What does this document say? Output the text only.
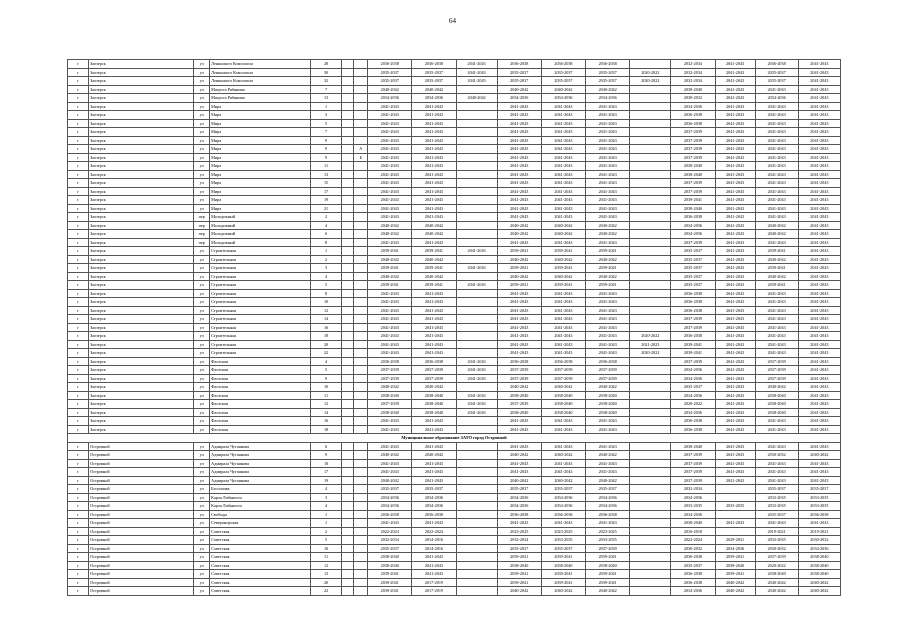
64
г	Заозерск	ул	Ленинского Комсомола	28			2036-2038	2036-2038	2041-2043	2036-2038	2036-2038	2036-2038		2032-2034	2041-2043	2036-2038	2041-2043
г	Заозерск	ул	Ленинского Комсомола	30			2035-2037	2035-2037	2041-2043	2035-2037	2035-2037	2035-2037	2020-2022	2032-2034	2041-2043	2035-2037	2041-2043
г	Заозерск	ул	Ленинского Комсомола	32			2035-2037	2035-2037	2041-2043	2035-2037	2035-2037	2035-2037	2020-2022	2032-2034	2041-2043	2035-2037	2041-2043
г	Заозерск	ул	Матроса Рябинина	7			2040-2042	2040-2042		2040-2042	2040-2042	2040-2042		2038-2040	2041-2043	2041-2043	2041-2043
г	Заозерск	ул	Матроса Рябинина	13			2034-2036	2034-2036	2040-2042	2034-2036	2034-2036	2034-2036		2030-2032	2041-2043	2034-2036	2041-2043
г	Заозерск	ул	Мира	1			2041-2043	2041-2043		2041-2043	2041-2043	2041-2043		2034-2036	2041-2043	2041-2043	2041-2043
г	Заозерск	ул	Мира	3			2041-2043	2041-2043		2041-2043	2041-2043	2041-2043		2036-2038	2041-2043	2041-2043	2041-2043
г	Заозерск	ул	Мира	5			2041-2043	2041-2043		2041-2043	2041-2043	2041-2043		2036-2038	2041-2043	2041-2043	2041-2043
г	Заозерск	ул	Мира	7			2041-2043	2041-2043		2041-2043	2041-2043	2041-2043		2037-2039	2041-2043	2041-2043	2041-2043
г	Заозерск	ул	Мира	9			2041-2043	2041-2043		2041-2043	2041-2043	2041-2043		2037-2039	2041-2043	2041-2043	2041-2043
г	Заозерск	ул	Мира	9		А	2041-2043	2041-2043		2041-2043	2041-2043	2041-2043		2037-2039	2041-2043	2041-2043	2041-2043
г	Заозерск	ул	Мира	9		Б	2041-2043	2041-2043		2041-2043	2041-2043	2041-2043		2037-2039	2041-2043	2041-2043	2041-2043
г	Заозерск	ул	Мира	11			2041-2043	2041-2043		2041-2043	2041-2043	2041-2043		2038-2040	2041-2043	2041-2043	2041-2043
г	Заозерск	ул	Мира	13			2041-2043	2041-2043		2041-2043	2041-2043	2041-2043		2038-2040	2041-2043	2041-2043	2041-2043
г	Заозерск	ул	Мира	15			2041-2043	2041-2043		2041-2043	2041-2043	2041-2043		2037-2039	2041-2043	2041-2043	2041-2043
г	Заозерск	ул	Мира	17			2041-2043	2041-2043		2041-2043	2041-2043	2041-2043		2037-2039	2041-2043	2041-2043	2041-2043
г	Заозерск	ул	Мира	19			2041-2043	2041-2043		2041-2043	2041-2043	2041-2043		2039-2041	2041-2043	2041-2043	2041-2043
г	Заозерск	ул	Мира	21			2041-2043	2041-2043		2041-2043	2041-2043	2041-2043		2038-2040	2041-2043	2041-2043	2041-2043
г	Заозерск	пер	Молодежный	2			2041-2043	2041-2043		2041-2043	2041-2043	2041-2043		2036-2038	2041-2043	2041-2043	2041-2043
г	Заозерск	пер	Молодежный	4			2040-2042	2040-2042		2040-2042	2040-2042	2040-2042		2034-2036	2041-2043	2040-2042	2041-2043
г	Заозерск	пер	Молодежный	6			2040-2042	2040-2042		2040-2042	2040-2042	2040-2042		2034-2036	2041-2043	2040-2042	2041-2043
г	Заозерск	пер	Молодежный	8			2041-2043	2041-2043		2041-2043	2041-2043	2041-2043		2037-2039	2041-2043	2041-2043	2041-2043
г	Заозерск	ул	Строительная	1			2039-2041	2039-2041	2041-2043	2039-2041	2039-2041	2039-2041		2035-2037	2041-2043	2039-2041	2041-2043
г	Заозерск	ул	Строительная	2			2040-2042	2040-2042		2040-2042	2040-2042	2040-2042		2035-2037	2041-2043	2040-2042	2041-2043
г	Заозерск	ул	Строительная	3			2039-2041	2039-2041	2041-2043	2039-2041	2039-2041	2039-2041		2035-2037	2041-2043	2039-2041	2041-2043
г	Заозерск	ул	Строительная	4			2040-2042	2040-2042		2040-2042	2040-2042	2040-2042		2035-2037	2041-2043	2040-2042	2041-2043
г	Заозерск	ул	Строительная	5			2039-2041	2039-2041	2041-2043	2039-2041	2039-2041	2039-2041		2035-2037	2041-2043	2039-2041	2041-2043
г	Заозерск	ул	Строительная	8			2041-2043	2041-2043		2041-2043	2041-2043	2041-2043		2036-2038	2041-2043	2041-2043	2041-2043
г	Заозерск	ул	Строительная	10			2041-2043	2041-2043		2041-2043	2041-2043	2041-2043		2036-2038	2041-2043	2041-2043	2041-2043
г	Заозерск	ул	Строительная	12			2041-2043	2041-2043		2041-2043	2041-2043	2041-2043		2036-2038	2041-2043	2041-2043	2041-2043
г	Заозерск	ул	Строительная	14			2041-2043	2041-2043		2041-2043	2041-2043	2041-2043		2037-2039	2041-2043	2041-2043	2041-2043
г	Заозерск	ул	Строительная	16			2041-2043	2041-2043		2041-2043	2041-2043	2041-2043		2037-2039	2041-2043	2041-2043	2041-2043
г	Заозерск	ул	Строительная	18			2041-2043	2041-2043		2041-2043	2041-2043	2041-2043	2020-2022	2036-2038	2041-2043	2041-2043	2041-2043
г	Заозерск	ул	Строительная	20			2041-2043	2041-2043		2041-2043	2041-2043	2041-2043	2021-2023	2039-2041	2041-2043	2041-2043	2041-2043
г	Заозерск	ул	Строительная	22			2041-2043	2041-2043		2041-2043	2041-2043	2041-2043	2020-2022	2039-2041	2041-2043	2041-2043	2041-2043
г	Заозерск	ул	Флотская	4			2036-2038	2036-2038	2041-2043	2036-2038	2036-2038	2036-2038		2037-2039	2041-2043	2037-2039	2041-2043
г	Заозерск	ул	Флотская	5			2037-2039	2037-2039	2041-2043	2037-2039	2037-2039	2037-2039		2034-2036	2041-2043	2037-2039	2041-2043
г	Заозерск	ул	Флотская	9			2037-2039	2037-2039	2041-2043	2037-2039	2037-2039	2037-2039		2034-2036	2041-2043	2037-2039	2041-2043
г	Заозерск	ул	Флотская	10			2040-2042	2040-2042		2040-2042	2040-2042	2040-2042		2035-2037	2041-2043	2040-2042	2041-2043
г	Заозерск	ул	Флотская	11			2038-2040	2038-2040	2041-2043	2038-2040	2038-2040	2038-2040		2034-2036	2041-2043	2038-2040	2041-2043
г	Заозерск	ул	Флотская	12			2037-2039	2038-2040	2041-2043	2037-2039	2038-2040	2038-2040		2020-2022	2041-2043	2038-2040	2041-2043
г	Заозерск	ул	Флотская	14			2038-2040	2038-2040	2041-2043	2038-2040	2038-2040	2038-2040		2034-2036	2041-2043	2038-2040	2041-2043
г	Заозерск	ул	Флотская	16			2041-2043	2041-2043		2041-2043	2041-2043	2041-2043		2036-2038	2041-2043	2041-2043	2041-2043
г	Заозерск	ул	Флотская	18			2041-2043	2041-2043		2041-2043	2041-2043	2041-2043		2036-2038	2041-2043	2041-2043	2041-2043
Муниципальное образование ЗАТО город Островной																	
г	Островной	ул	Адмирала Чугаинова	6			2041-2043	2041-2043		2041-2043	2041-2043	2041-2043		2038-2040	2041-2043	2041-2043	2041-2043
г	Островной	ул	Адмирала Чугаинова	9			2040-2042	2040-2042		2040-2042	2040-2042	2040-2042		2037-2039	2041-2043	2030-2032	2040-2042
г	Островной	ул	Адмирала Чугаинова	10			2041-2043	2041-2043		2041-2043	2041-2043	2041-2043		2037-2039	2041-2043	2041-2043	2041-2043
г	Островной	ул	Адмирала Чугаинова	17			2041-2043	2041-2043		2041-2043	2041-2043	2041-2043		2037-2039	2041-2043	2041-2043	2041-2043
г	Островной	ул	Адмирала Чугаинова	19			2040-2042	2041-2043		2040-2042	2040-2042	2040-2042		2037-2039	2041-2043	2041-2043	2041-2043
г	Островной	ул	Бессонова	4			2035-2037	2035-2037		2035-2037	2035-2037	2035-2037		2032-2034		2035-2037	2035-2037
г	Островной	ул	Карла Либкнехта	3			2034-2036	2034-2036		2034-2036	2034-2036	2034-2036		2034-2036		2033-2035	2033-2035
г	Островной	ул	Карла Либкнехта	4			2034-2036	2034-2036		2034-2036	2034-2036	2034-2036		2033-2035	2033-2035	2033-2035	2033-2035
г	Островной	ул	Свободы	1			2036-2038	2036-2038		2036-2038	2036-2038	2036-2038		2034-2036		2035-2037	2036-2038
г	Островной	ул	Североморская	1			2041-2043	2041-2043		2041-2043	2041-2043	2041-2043		2038-2040	2041-2043	2041-2043	2041-2043
г	Островной	ул	Советская	2			2022-2024	2022-2024		2023-2025	2023-2025	2023-2025		2016-2018		2019-2021	2019-2021
г	Островной	ул	Советская	5			2032-2034	2014-2016		2032-2034	2033-2035	2033-2035		2022-2024	2029-2031	2033-2035	2030-2032
г	Островной	ул	Советская	10			2035-2037	2014-2016		2035-2037	2035-2037	2037-2039		2030-2032	2034-2036	2030-2032	2034-2036
г	Островной	ул	Советская	11			2038-2040	2041-2043		2039-2041	2039-2041	2039-2041		2036-2038	2039-2041	2037-2039	2038-2040
г	Островной	ул	Советская	12			2038-2040	2041-2043		2038-2040	2038-2040	2038-2040		2035-2037	2038-2040	2020-2022	2038-2040
г	Островной	ул	Советская	13			2039-2041	2041-2043		2039-2041	2039-2041	2039-2041		2036-2038	2039-2041	2038-2040	2038-2040
г	Островной	ул	Советская	20			2039-2041	2017-2019		2039-2041	2039-2041	2039-2041		2036-2038	2040-2042	2040-2042	2040-2042
г	Островной	ул	Советская	22			2039-2041	2017-2019		2040-2042	2040-2042	2040-2042		2034-2036	2040-2042	2040-2042	2040-2042
